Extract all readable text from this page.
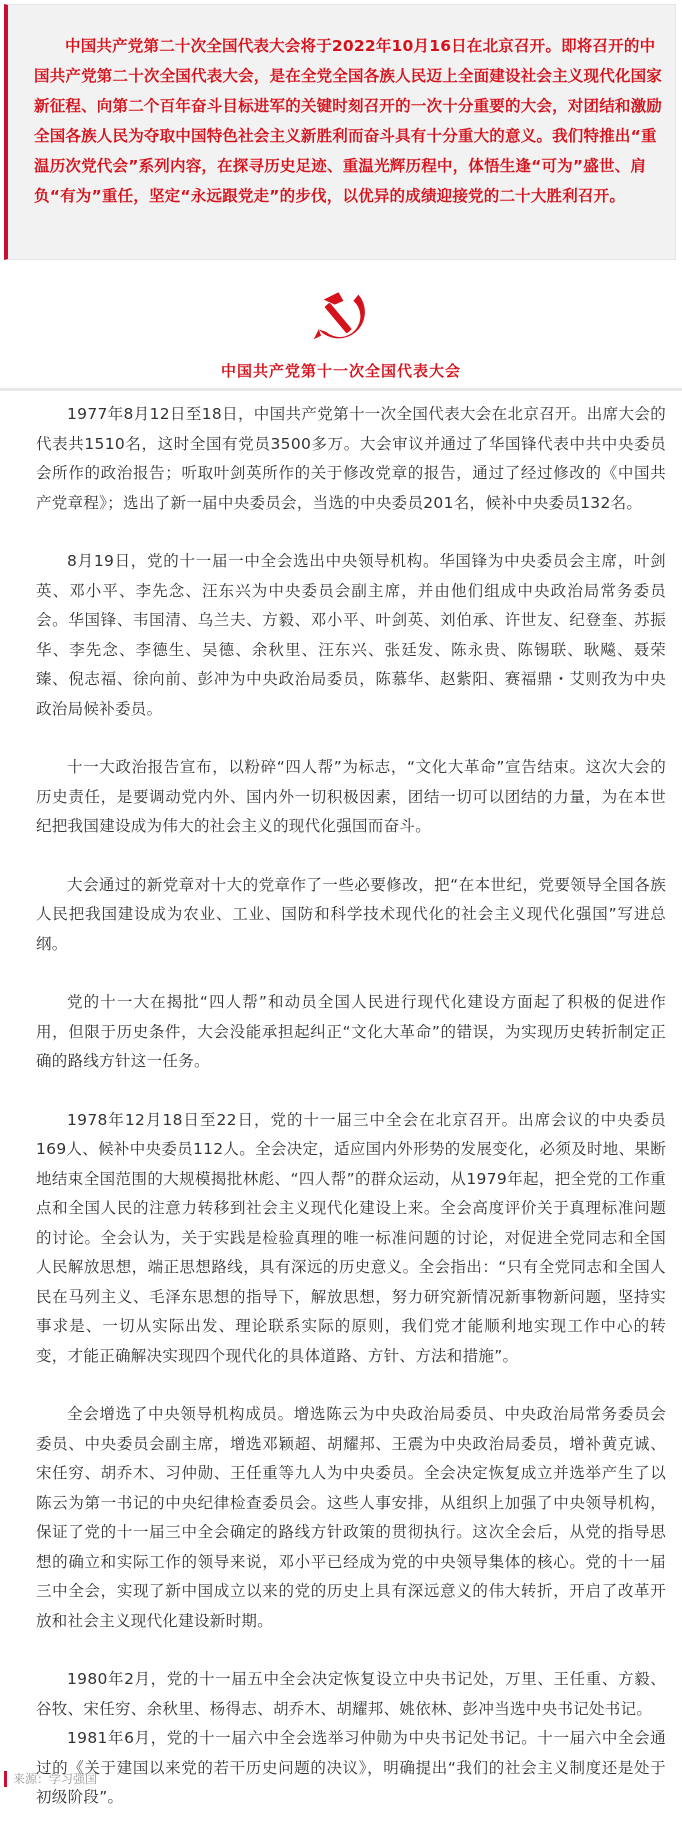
中国共产党第二十次全国代表大会将于2022年10月16日在北京召开。即将召开的中国共产党第二十次全国代表大会，是在全党全国各族人民迈上全面建设社会主义现代化国家新征程、向第二个百年奋斗目标进军的关键时刻召开的一次十分重要的大会，对团结和激励全国各族人民为夺取中国特色社会主义新胜利而奋斗具有十分重大的意义。我们特推出“重温历次党代会”系列内容，在探寻历史足迹、重温光辉历程中，体悟生逢“可为”盛世、肩负“有为”重任，坚定“永远跟党走”的步伐，以优异的成绩迎接党的二十大胜利召开。

中国共产党第十一次全国代表大会

1977年8月12日至18日，中国共产党第十一次全国代表大会在北京召开。出席大会的代表共1510名，这时全国有党员3500多万。大会审议并通过了华国锋代表中共中央委员会所作的政治报告；听取叶剑英所作的关于修改党章的报告，通过了经过修改的《中国共产党章程》；选出了新一届中央委员会，当选的中央委员201名，候补中央委员132名。

8月19日，党的十一届一中全会选出中央领导机构。华国锋为中央委员会主席，叶剑英、邓小平、李先念、汪东兴为中央委员会副主席，并由他们组成中央政治局常务委员会。华国锋、韦国清、乌兰夫、方毅、邓小平、叶剑英、刘伯承、许世友、纪登奎、苏振华、李先念、李德生、吴德、余秋里、汪东兴、张廷发、陈永贵、陈锡联、耿飚、聂荣臻、倪志福、徐向前、彭冲为中央政治局委员，陈慕华、赵紫阳、赛福鼎・艾则孜为中央政治局候补委员。

十一大政治报告宣布，以粉碎“四人帮”为标志，“文化大革命”宣告结束。这次大会的历史责任，是要调动党内外、国内外一切积极因素，团结一切可以团结的力量，为在本世纪把我国建设成为伟大的社会主义的现代化强国而奋斗。

大会通过的新党章对十大的党章作了一些必要修改，把“在本世纪，党要领导全国各族人民把我国建设成为农业、工业、国防和科学技术现代化的社会主义现代化强国”写进总纲。

党的十一大在揭批“四人帮”和动员全国人民进行现代化建设方面起了积极的促进作用，但限于历史条件，大会没能承担起纠正“文化大革命”的错误，为实现历史转折制定正确的路线方针这一任务。

1978年12月18日至22日，党的十一届三中全会在北京召开。出席会议的中央委员169人、候补中央委员112人。全会决定，适应国内外形势的发展变化，必须及时地、果断地结束全国范围的大规模揭批林彪、“四人帮”的群众运动，从1979年起，把全党的工作重点和全国人民的注意力转移到社会主义现代化建设上来。全会高度评价关于真理标准问题的讨论。全会认为，关于实践是检验真理的唯一标准问题的讨论，对促进全党同志和全国人民解放思想，端正思想路线，具有深远的历史意义。全会指出：“只有全党同志和全国人民在马列主义、毛泽东思想的指导下，解放思想，努力研究新情况新事物新问题，坚持实事求是、一切从实际出发、理论联系实际的原则，我们党才能顺利地实现工作中心的转变，才能正确解决实现四个现代化的具体道路、方针、方法和措施”。

全会增选了中央领导机构成员。增选陈云为中央政治局委员、中央政治局常务委员会委员、中央委员会副主席，增选邓颖超、胡耀邦、王震为中央政治局委员，增补黄克诚、宋任穷、胡乔木、习仲勋、王任重等九人为中央委员。全会决定恢复成立并选举产生了以陈云为第一书记的中央纪律检查委员会。这些人事安排，从组织上加强了中央领导机构，保证了党的十一届三中全会确定的路线方针政策的贯彻执行。这次全会后，从党的指导思想的确立和实际工作的领导来说，邓小平已经成为党的中央领导集体的核心。党的十一届三中全会，实现了新中国成立以来的党的历史上具有深远意义的伟大转折，开启了改革开放和社会主义现代化建设新时期。

1980年2月，党的十一届五中全会决定恢复设立中央书记处，万里、王任重、方毅、谷牧、宋任穷、余秋里、杨得志、胡乔木、胡耀邦、姚依林、彭冲当选中央书记处书记。

1981年6月，党的十一届六中全会选举习仲勋为中央书记处书记。十一届六中全会通过的《关于建国以来党的若干历史问题的决议》，明确提出“我们的社会主义制度还是处于初级阶段”。

来源：学习强国
